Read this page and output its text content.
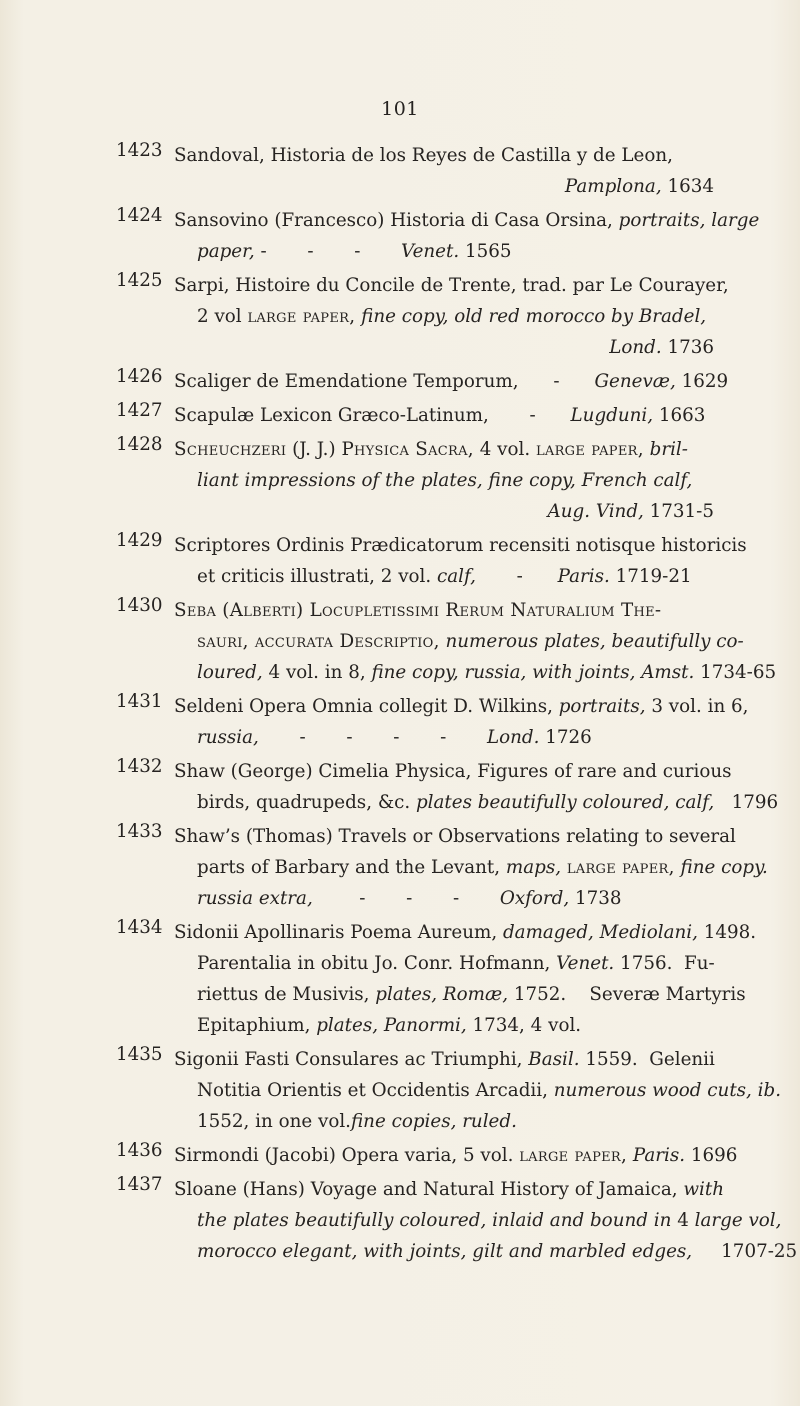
101
1423 Sandoval, Historia de los Reyes de Castilla y de Leon,
Pamplona, 1634
1424 Sansovino (Francesco) Historia di Casa Orsina, portraits, large
paper, -       -       -       Venet. 1565
1425 Sarpi, Histoire du Concile de Trente, trad. par Le Courayer,
2 vol large paper, fine copy, old red morocco by Bradel,
Lond. 1736
1426 Scaliger de Emendatione Temporum,      -      Genevæ, 1629
1427 Scapulæ Lexicon Græco-Latinum,       -      Lugduni, 1663
1428 Scheuchzeri (J. J.) Physica Sacra, 4 vol. large paper, bril-
liant impressions of the plates, fine copy, French calf,
Aug. Vind, 1731-5
1429 Scriptores Ordinis Prædicatorum recensiti notisque historicis
et criticis illustrati, 2 vol. calf,       -      Paris. 1719-21
1430 Seba (Alberti) Locupletissimi Rerum Naturalium The-
sauri, accurata Descriptio, numerous plates, beautifully co-
loured, 4 vol. in 8, fine copy, russia, with joints, Amst. 1734-65
1431 Seldeni Opera Omnia collegit D. Wilkins, portraits, 3 vol. in 6,
russia,       -       -       -       -       Lond. 1726
1432 Shaw (George) Cimelia Physica, Figures of rare and curious
birds, quadrupeds, &c. plates beautifully coloured, calf,   1796
1433 Shaw’s (Thomas) Travels or Observations relating to several
parts of Barbary and the Levant, maps, large paper, fine copy.
russia extra,        -       -       -       Oxford, 1738
1434 Sidonii Apollinaris Poema Aureum, damaged, Mediolani, 1498.
Parentalia in obitu Jo. Conr. Hofmann, Venet. 1756.  Fu-
riettus de Musivis, plates, Romæ, 1752.    Severæ Martyris
Epitaphium, plates, Panormi, 1734, 4 vol.
1435 Sigonii Fasti Consulares ac Triumphi, Basil. 1559.  Gelenii
Notitia Orientis et Occidentis Arcadii, numerous wood cuts, ib.
1552, in one vol.fine copies, ruled.
1436 Sirmondi (Jacobi) Opera varia, 5 vol. large paper, Paris. 1696
1437 Sloane (Hans) Voyage and Natural History of Jamaica, with
the plates beautifully coloured, inlaid and bound in 4 large vol,
morocco elegant, with joints, gilt and marbled edges,     1707-25
